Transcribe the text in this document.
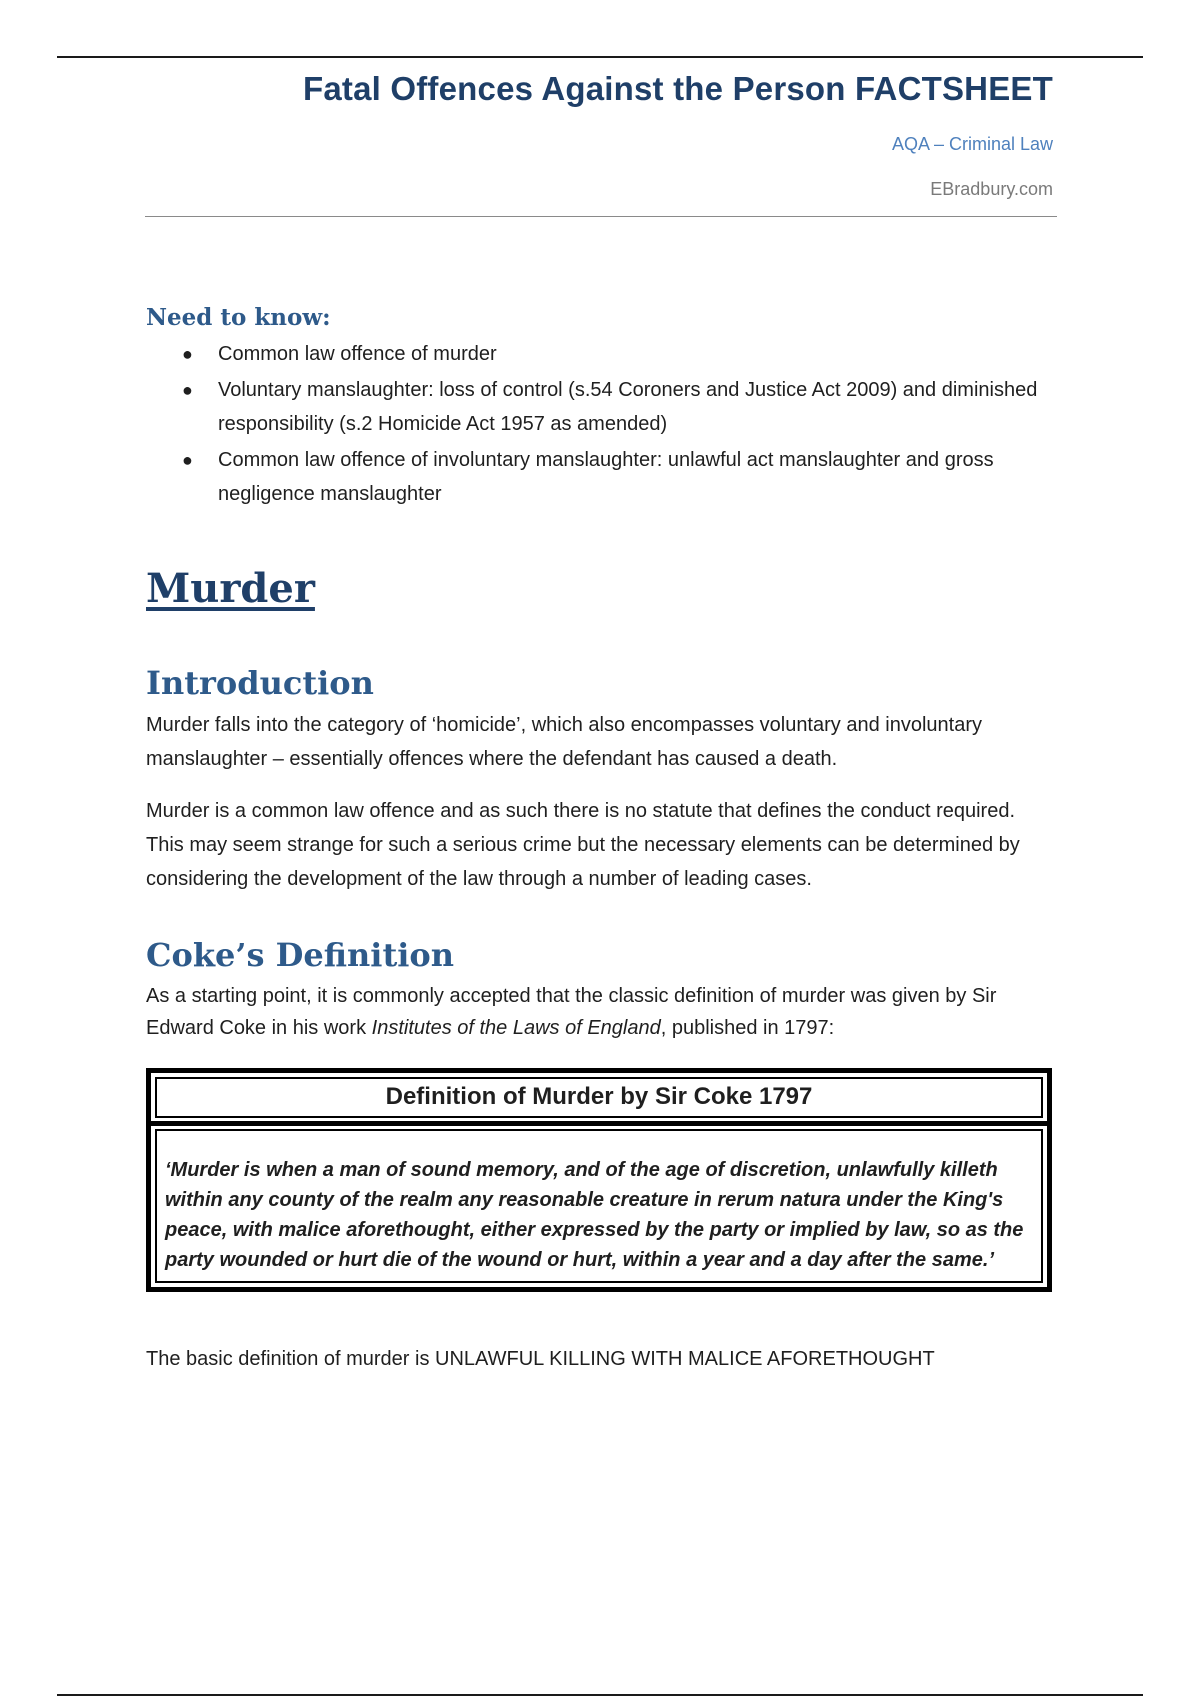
Fatal Offences Against the Person FACTSHEET
AQA – Criminal Law
EBradbury.com
Need to know:
● Common law offence of murder
● Voluntary manslaughter: loss of control (s.54 Coroners and Justice Act 2009) and diminished responsibility (s.2 Homicide Act 1957 as amended)
● Common law offence of involuntary manslaughter: unlawful act manslaughter and gross negligence manslaughter
Murder
Introduction

Murder falls into the category of ‘homicide’, which also encompasses voluntary and involuntary manslaughter – essentially offences where the defendant has caused a death.

Murder is a common law offence and as such there is no statute that defines the conduct required. This may seem strange for such a serious crime but the necessary elements can be determined by considering the development of the law through a number of leading cases.

Coke’s Definition

As a starting point, it is commonly accepted that the classic definition of murder was given by Sir Edward Coke in his work Institutes of the Laws of England, published in 1797:

Definition of Murder by Sir Coke 1797
‘Murder is when a man of sound memory, and of the age of discretion, unlawfully killeth within any county of the realm any reasonable creature in rerum natura under the King's peace, with malice aforethought, either expressed by the party or implied by law, so as the party wounded or hurt die of the wound or hurt, within a year and a day after the same.’

The basic definition of murder is UNLAWFUL KILLING WITH MALICE AFORETHOUGHT
